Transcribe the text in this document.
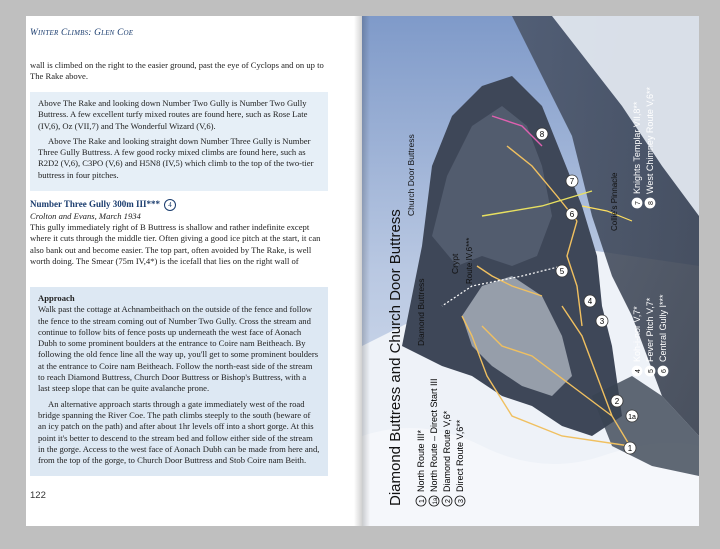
8
7
6
5
4
3
2
1a
1
Church Door Buttress
Diamond Buttress
Crypt Route IV,6***
Collie's Pinnacle
Diamond Buttress and Church Door Buttress 1
North Route III*
1a
North Route – Direct Start III
2
Diamond Route V,6*
3
Direct Route V,6**
4
Koh-i-nor V,7*
5
Fever Pitch V,7*
6
Central Gully I***
7
Knights Templar VII,8**
8
West Chimney Route V,6**
Winter Climbs: Glen Coe

wall is climbed on the right to the easier ground, past the eye of Cyclops and on up to The Rake above.

Above The Rake and looking down Number Two Gully is Number Two Gully Buttress. A few excellent turfy mixed routes are found here, such as Rose Late (IV,6), Oz (VII,7) and The Wonderful Wizard (V,6).

Above The Rake and looking straight down Number Three Gully is Number Three Gully Buttress. A few good rocky mixed climbs are found here, such as R2D2 (V,6), C3PO (V,6) and H5N8 (IV,5) which climb to the top of the two-tier buttress in four pitches.

Number Three Gully 300m III*** 4
Crolton and Evans, March 1934

This gully immediately right of B Buttress is shallow and rather indefinite except where it cuts through the middle tier. Often giving a good ice pitch at the start, it can also bank out and become easier. The top part, often avoided by The Rake, is well worth doing. The Smear (75m IV,4*) is the icefall that lies on the right wall of

Approach

Walk past the cottage at Achnambeithach on the outside of the fence and follow the fence to the stream coming out of Number Two Gully. Cross the stream and continue to follow bits of fence posts up underneath the west face of Aonach Dubh to some prominent boulders at the entrance to Coire nam Beitheach. By following the old fence line all the way up, you'll get to some prominent boulders at the entrance to Coire nam Beitheach. Follow the north-east side of the stream to reach Diamond Buttress, Church Door Buttress or Bishop's Buttress, with a last steep slope that can be quite avalanche prone.

An alternative approach starts through a gate immediately west of the road bridge spanning the River Coe. The path climbs steeply to the south (beware of an icy patch on the path) and after about 1hr levels off into a short gorge. At this point it's better to descend to the stream bed and follow either side of the stream in the gorge. Access to the west face of Aonach Dubh can be made from here and, from the top of the gorge, to Church Door Buttress and Stob Coire nam Beith.

122
